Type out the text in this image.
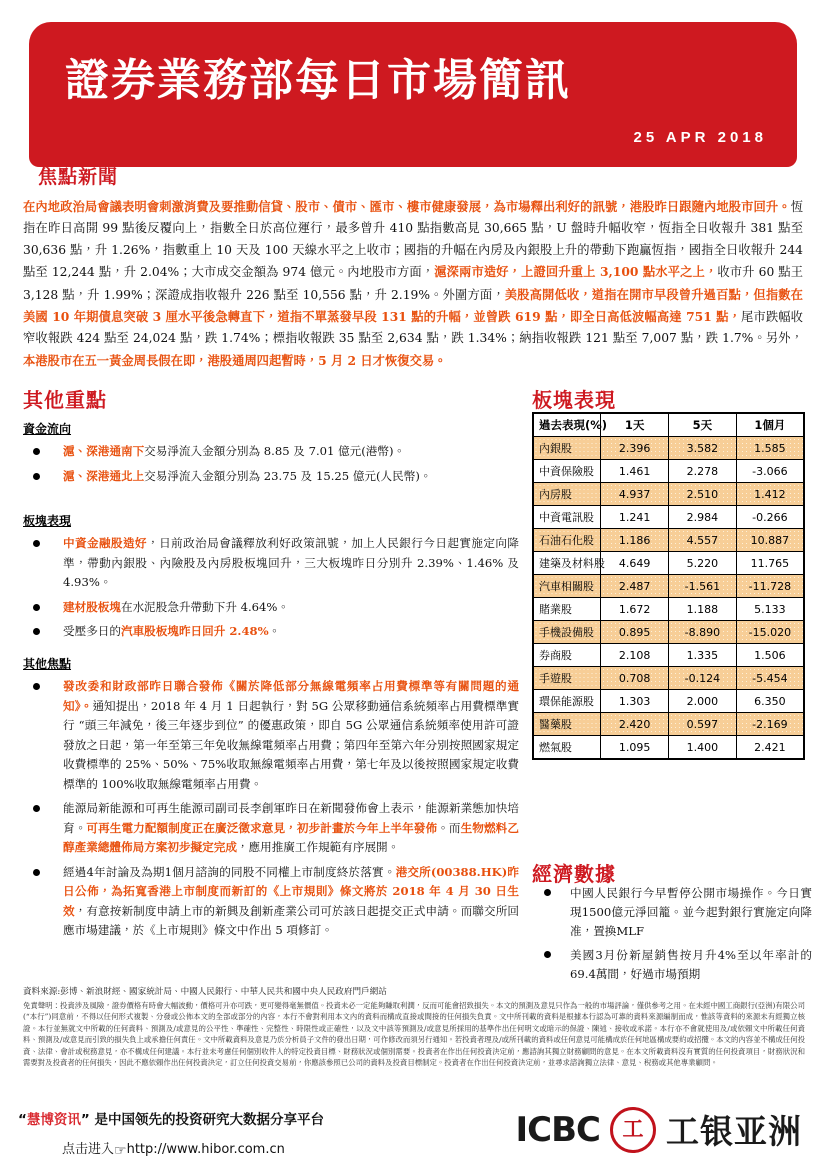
證券業務部每日市場簡訊
25 APR 2018
焦點新聞
在內地政治局會議表明會刺激消費及要推動信貸、股市、債市、匯市、樓市健康發展，為市場釋出利好的訊號，港股昨日跟隨內地股市回升。恆指在昨日高開 99 點後反覆向上，指數全日於高位運行，最多曾升 410 點指數高見 30,665 點，U 盤時升幅收窄，恆指全日收報升 381 點至 30,636 點，升 1.26%，指數重上 10 天及 100 天線水平之上收市；國指的升幅在內房及內銀股上升的帶動下跑贏恆指，國指全日收報升 244 點至 12,244 點，升 2.04%；大市成交金額為 974 億元。內地股市方面，滬深兩市造好，上證回升重上 3,100 點水平之上，收市升 60 點王 3,128 點，升 1.99%；深證成指收報升 226 點至 10,556 點，升 2.19%。外圍方面，美股高開低收，道指在開市早段曾升過百點，但指數在美國 10 年期債息突破 3 厘水平後急轉直下，道指不單蒸發早段 131 點的升幅，並曾跌 619 點，即全日高低波幅高達 751 點，尾市跌幅收窄收報跌 424 點至 24,024 點，跌 1.74%；標指收報跌 35 點至 2,634 點，跌 1.34%；納指收報跌 121 點至 7,007 點，跌 1.7%。另外，本港股市在五一黃金周長假在即，港股通周四起暫時，5 月 2 日才恢復交易。
其他重點
資金流向
滬、深港通南下交易淨流入金額分別為 8.85 及 7.01 億元(港幣)。
滬、深港通北上交易淨流入金額分別為 23.75 及 15.25 億元(人民幣)。
板塊表現
中資金融股造好，日前政治局會議釋放利好政策訊號，加上人民銀行今日起實施定向降準，帶動內銀股、內險股及內房股板塊回升，三大板塊昨日分別升 2.39%、1.46% 及 4.93%。
建材股板塊在水泥股急升帶動下升 4.64%。
受壓多日的汽車股板塊昨日回升 2.48%。
其他焦點
發改委和財政部昨日聯合發佈《關於降低部分無線電頻率占用費標準等有關問題的通知》。通知提出，2018 年 4 月 1 日起執行，對 5G 公眾移動通信系統頻率占用費標準實行 “頭三年減免，後三年逐步到位” 的優惠政策，即自 5G 公眾通信系統頻率使用許可證發放之日起，第一年至第三年免收無線電頻率占用費；第四年至第六年分別按照國家規定收費標準的 25%、50%、75%收取無線電頻率占用費，第七年及以後按照國家規定收費標準的 100%收取無線電頻率占用費。
能源局新能源和可再生能源司副司長李創軍昨日在新聞發佈會上表示，能源新業態加快培育。可再生電力配額制度正在廣泛徵求意見，初步計畫於今年上半年發佈。而生物燃料乙醇產業總體佈局方案初步擬定完成，應用推廣工作規範有序展開。
經過4年討論及為期1個月諮詢的同股不同權上市制度終於落實。港交所(00388.HK)昨日公佈，為拓寬香港上市制度而新訂的《上市規則》條文將於 2018 年 4 月 30 日生效，有意按新制度申請上市的新興及創新產業公司可於該日起提交正式申請。而聯交所回應市場建議，於《上市規則》條文中作出 5 項修訂。
板塊表現
過去表現(%)	1天	5天	1個月
內銀股	2.396	3.582	1.585
中資保險股	1.461	2.278	-3.066
內房股	4.937	2.510	1.412
中資電訊股	1.241	2.984	-0.266
石油石化股	1.186	4.557	10.887
建築及材料股	4.649	5.220	11.765
汽車相關股	2.487	-1.561	-11.728
賭業股	1.672	1.188	5.133
手機設備股	0.895	-8.890	-15.020
券商股	2.108	1.335	1.506
手遊股	0.708	-0.124	-5.454
環保能源股	1.303	2.000	6.350
醫藥股	2.420	0.597	-2.169
燃氣股	1.095	1.400	2.421
經濟數據
中國人民銀行今早暫停公開市場操作。今日實現1500億元淨回籠。並今起對銀行實施定向降准，置換MLF
美國3月份新屋銷售按月升4%至以年率計的69.4萬間，好過市場預期
資料來源:彭博、新浪財經、國家統計局、中國人民銀行、中華人民共和國中央人民政府門戶網站
免責聲明：投資涉及風險，證券價格有時會大幅波動，價格可升亦可跌，更可變得毫無價值。投資未必一定能夠賺取利潤，反而可能會招致損失。本文的預測及意見只作為一般的市場評論，僅供參考之用。在未經中國工商銀行(亞洲)有限公司(“本行”)同意前，不得以任何形式複製、分發或公佈本文的全部或部分的內容，本行不會對利用本文內的資料而構成直接或間接的任何損失負責。文中所刊載的資料是根據本行認為可靠的資料來源編制而成，惟該等資料的來源未有經獨立核證。本行並無就文中所載的任何資料、預測及/或意見的公平性、準確性、完整性、時限性或正確性，以及文中該等預測及/或意見所採用的基準作出任何明文或暗示的保證、陳述、接收或承諾。本行亦不會就使用及/或依賴文中所載任何資料、預測及/或意見而引致的損失負上或承擔任何責任。文中所載資料及意見乃於分析員子文件的發出日期，可作修改而須另行通知。若投資者理及/或所刊載的資料或任何意見可能構成於任何地區構成要約或招攬。本文的內容並不構成任何投資、法律、會計或稅務意見，亦不構成任何建議。本行並未考慮任何個別收件人的特定投資目標、財務狀況或個別需要。投資者在作出任何投資決定前，應諮詢其獨立財務顧問的意見。在本文所載資料沒有實質的任何投資項目，財務狀況和需要對及投資者的任何損失，因此不應依賴作出任何投資決定，訂立任何投資交易前，你應該參照已公司的資料及投資目標制定。投資者在作出任何投資決定前，並尋求諮詢獨立法律、意見、稅務或其他專業顧問。
“慧博资讯” 是中国领先的投资研究大数据分享平台
点击进入☞http://www.hibor.com.cn	ICBC 工 工银亚洲
